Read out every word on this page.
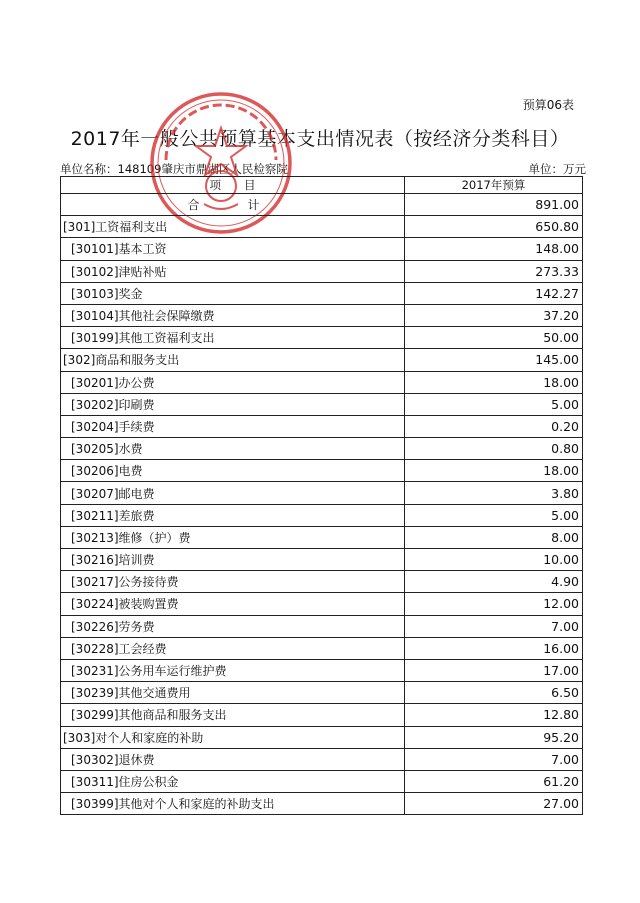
预算06表
2017年一般公共预算基本支出情况表（按经济分类科目）
单位名称：148109肇庆市鼎湖区人民检察院	单位：万元
项　　目	2017年预算
合　计	891.00
[301]工资福利支出	650.80
[30101]基本工资	148.00
[30102]津贴补贴	273.33
[30103]奖金	142.27
[30104]其他社会保障缴费	37.20
[30199]其他工资福利支出	50.00
[302]商品和服务支出	145.00
[30201]办公费	18.00
[30202]印刷费	5.00
[30204]手续费	0.20
[30205]水费	0.80
[30206]电费	18.00
[30207]邮电费	3.80
[30211]差旅费	5.00
[30213]维修（护）费	8.00
[30216]培训费	10.00
[30217]公务接待费	4.90
[30224]被装购置费	12.00
[30226]劳务费	7.00
[30228]工会经费	16.00
[30231]公务用车运行维护费	17.00
[30239]其他交通费用	6.50
[30299]其他商品和服务支出	12.80
[303]对个人和家庭的补助	95.20
[30302]退休费	7.00
[30311]住房公积金	61.20
[30399]其他对个人和家庭的补助支出	27.00
